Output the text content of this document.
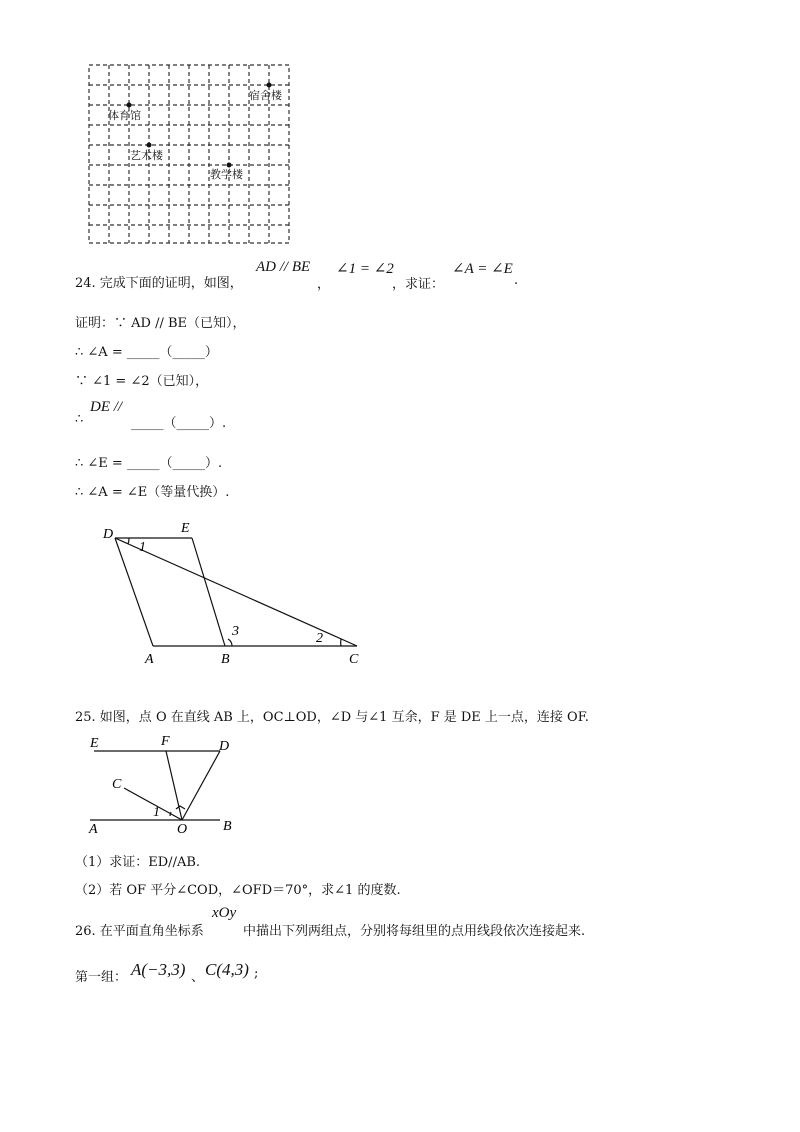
宿舍楼
体育馆
艺术楼
教学楼
24. 完成下面的证明，如图，
AD // BE
，
∠1 = ∠2
，求证：
∠A = ∠E
.
证明：∵ AD // BE（已知），
∴ ∠A = _____（_____）
∵ ∠1 = ∠2（已知），
DE //
∴	_____（_____）.
∴ ∠E = _____（_____）.
∴ ∠A = ∠E（等量代换）.
D	E
A	B	C
1
3	2
25. 如图，点 O 在直线 AB 上，OC⊥OD，∠D 与∠1 互余，F 是 DE 上一点，连接 OF.
E	F	D
C
A	O	B
1
（1）求证：ED//AB.
（2）若 OF 平分∠COD，∠OFD＝70°，求∠1 的度数.
26. 在平面直角坐标系
xOy
中描出下列两组点，分别将每组里的点用线段依次连接起来.
第一组： A(−3,3) 、 C(4,3) ;
